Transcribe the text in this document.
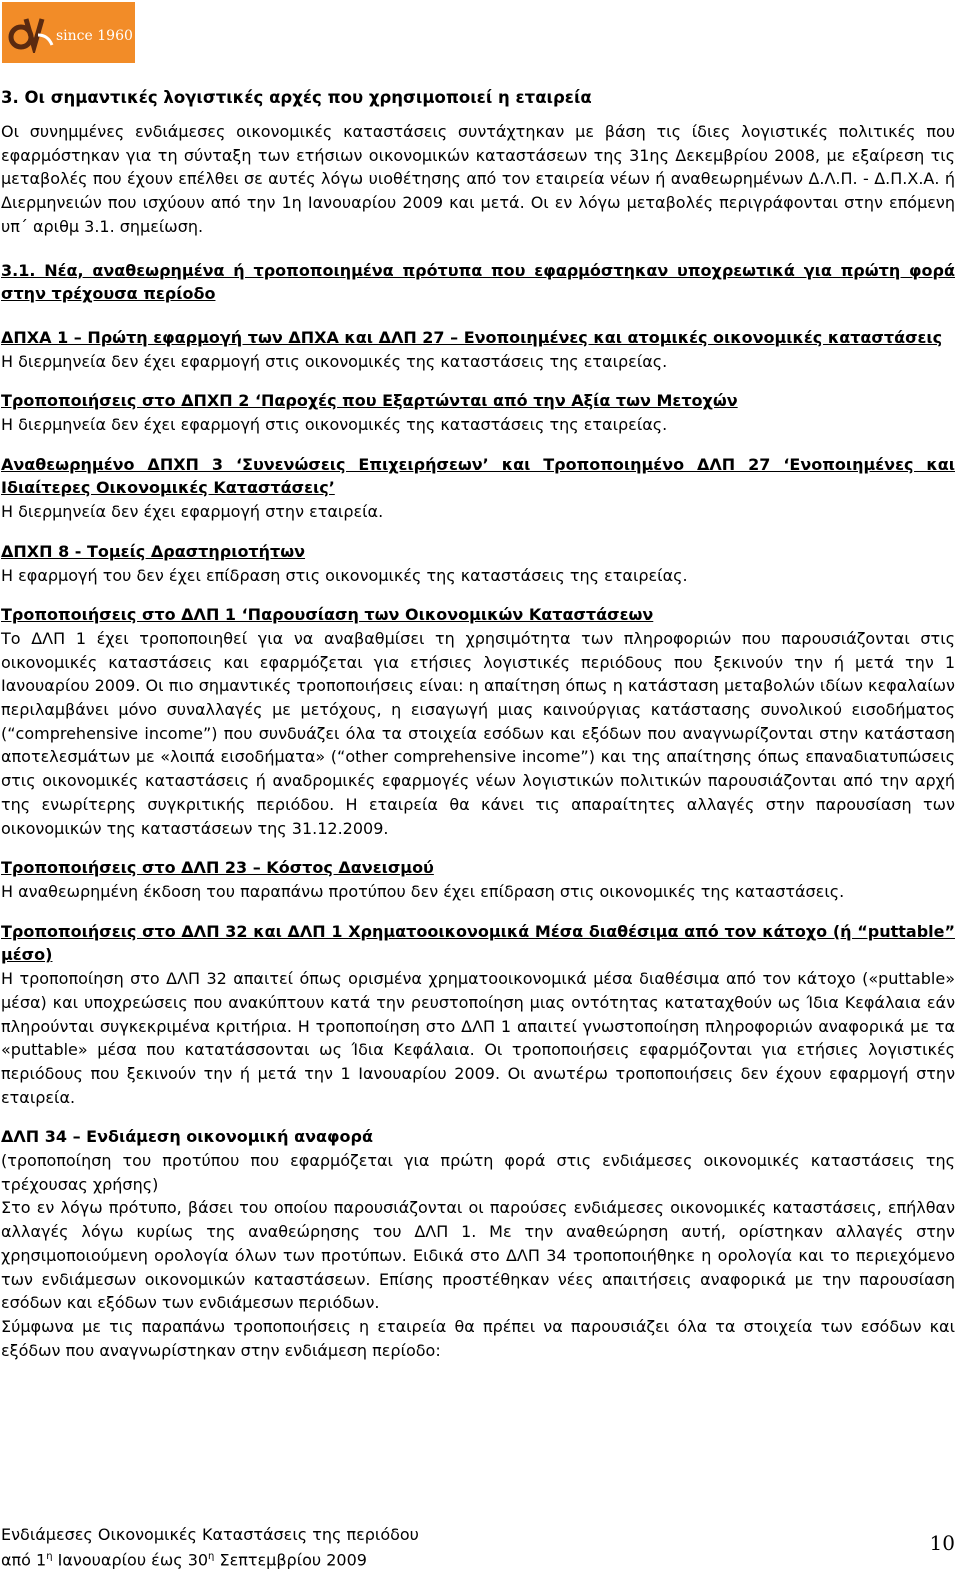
since 1960
3. Οι σημαντικές λογιστικές αρχές που χρησιμοποιεί η εταιρεία

Οι συνημμένες ενδιάμεσες οικονομικές καταστάσεις συντάχτηκαν με βάση τις ίδιες λογιστικές πολιτικές που εφαρμόστηκαν για τη σύνταξη των ετήσιων οικονομικών καταστάσεων της 31ης Δεκεμβρίου 2008, με εξαίρεση τις μεταβολές που έχουν επέλθει σε αυτές λόγω υιοθέτησης από τον εταιρεία νέων ή αναθεωρημένων Δ.Λ.Π. - Δ.Π.Χ.Α. ή Διερμηνειών που ισχύουν από την 1η Ιανουαρίου 2009 και μετά. Οι εν λόγω μεταβολές περιγράφονται στην επόμενη υπ΄ αριθμ 3.1. σημείωση.

3.1. Νέα, αναθεωρημένα ή τροποποιημένα πρότυπα που εφαρμόστηκαν υποχρεωτικά για πρώτη φορά στην τρέχουσα περίοδο

ΔΠΧΑ 1 – Πρώτη εφαρμογή των ΔΠΧΑ και ΔΛΠ 27 – Ενοποιημένες και ατομικές οικονομικές καταστάσεις

Η διερμηνεία δεν έχει εφαρμογή στις οικονομικές της καταστάσεις της εταιρείας.

Τροποποιήσεις στο ΔΠΧΠ 2 ‘Παροχές που Εξαρτώνται από την Αξία των Μετοχών

Η διερμηνεία δεν έχει εφαρμογή στις οικονομικές της καταστάσεις της εταιρείας.

Αναθεωρημένο ΔΠΧΠ 3 ‘Συνενώσεις Επιχειρήσεων’ και Τροποποιημένο ΔΛΠ 27 ‘Ενοποιημένες και Ιδιαίτερες Οικονομικές Καταστάσεις’

Η διερμηνεία δεν έχει εφαρμογή στην εταιρεία.

ΔΠΧΠ 8 - Τομείς Δραστηριοτήτων

Η εφαρμογή του δεν έχει επίδραση στις οικονομικές της καταστάσεις της εταιρείας.

Τροποποιήσεις στο ΔΛΠ 1 ‘Παρουσίαση των Οικονομικών Καταστάσεων

Το ΔΛΠ 1 έχει τροποποιηθεί για να αναβαθμίσει τη χρησιμότητα των πληροφοριών που παρουσιάζονται στις οικονομικές καταστάσεις και εφαρμόζεται για ετήσιες λογιστικές περιόδους που ξεκινούν την ή μετά την 1 Ιανουαρίου 2009. Οι πιο σημαντικές τροποποιήσεις είναι: η απαίτηση όπως η κατάσταση μεταβολών ιδίων κεφαλαίων περιλαμβάνει μόνο συναλλαγές με μετόχους, η εισαγωγή μιας καινούργιας κατάστασης συνολικού εισοδήματος (“comprehensive income”) που συνδυάζει όλα τα στοιχεία εσόδων και εξόδων που αναγνωρίζονται στην κατάσταση αποτελεσμάτων με «λοιπά εισοδήματα» (“other comprehensive income”) και της απαίτησης όπως επαναδιατυπώσεις στις οικονομικές καταστάσεις ή αναδρομικές εφαρμογές νέων λογιστικών πολιτικών παρουσιάζονται από την αρχή της ενωρίτερης συγκριτικής περιόδου. Η εταιρεία θα κάνει τις απαραίτητες αλλαγές στην παρουσίαση των οικονομικών της καταστάσεων της 31.12.2009.

Τροποποιήσεις στο ΔΛΠ 23 – Κόστος Δανεισμού

Η αναθεωρημένη έκδοση του παραπάνω προτύπου δεν έχει επίδραση στις οικονομικές της καταστάσεις.

Τροποποιήσεις στο ΔΛΠ 32 και ΔΛΠ 1 Χρηματοοικονομικά Μέσα διαθέσιμα από τον κάτοχο (ή “puttable” μέσο)

Η τροποποίηση στο ΔΛΠ 32 απαιτεί όπως ορισμένα χρηματοοικονομικά μέσα διαθέσιμα από τον κάτοχο («puttable» μέσα) και υποχρεώσεις που ανακύπτουν κατά την ρευστοποίηση μιας οντότητας καταταχθούν ως Ίδια Κεφάλαια εάν πληρούνται συγκεκριμένα κριτήρια. Η τροποποίηση στο ΔΛΠ 1 απαιτεί γνωστοποίηση πληροφοριών αναφορικά με τα «puttable» μέσα που κατατάσσονται ως Ίδια Κεφάλαια. Οι τροποποιήσεις εφαρμόζονται για ετήσιες λογιστικές περιόδους που ξεκινούν την ή μετά την 1 Ιανουαρίου 2009. Οι ανωτέρω τροποποιήσεις δεν έχουν εφαρμογή στην εταιρεία.

ΔΛΠ 34 – Ενδιάμεση οικονομική αναφορά

(τροποποίηση του προτύπου που εφαρμόζεται για πρώτη φορά στις ενδιάμεσες οικονομικές καταστάσεις της τρέχουσας χρήσης)

Στο εν λόγω πρότυπο, βάσει του οποίου παρουσιάζονται οι παρούσες ενδιάμεσες οικονομικές καταστάσεις, επήλθαν αλλαγές λόγω κυρίως της αναθεώρησης του ΔΛΠ 1. Με την αναθεώρηση αυτή, ορίστηκαν αλλαγές στην χρησιμοποιούμενη ορολογία όλων των προτύπων. Ειδικά στο ΔΛΠ 34 τροποποιήθηκε η ορολογία και το περιεχόμενο των ενδιάμεσων οικονομικών καταστάσεων. Επίσης προστέθηκαν νέες απαιτήσεις αναφορικά με την παρουσίαση εσόδων και εξόδων των ενδιάμεσων περιόδων.

Σύμφωνα με τις παραπάνω τροποποιήσεις η εταιρεία θα πρέπει να παρουσιάζει όλα τα στοιχεία των εσόδων και εξόδων που αναγνωρίστηκαν στην ενδιάμεση περίοδο:

Ενδιάμεσες Οικονομικές Καταστάσεις της περιόδου
από $1^\eta$ Ιανουαρίου έως $30^\eta$ Σεπτεμβρίου 2009
10
